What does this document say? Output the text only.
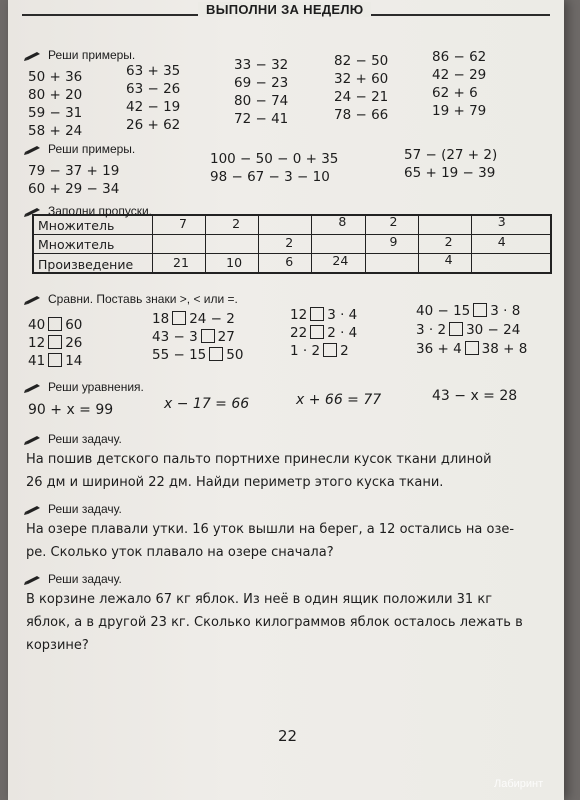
ВЫПОЛНИ ЗА НЕДЕЛЮ
Реши примеры.
50 + 36
80 + 20
59 − 31
58 + 24
63 + 35
63 − 26
42 − 19
26 + 62
33 − 32
69 − 23
80 − 74
72 − 41
82 − 50
32 + 60
24 − 21
78 − 66
86 − 62
42 − 29
62 + 6
19 + 79
Реши примеры.
79 − 37 + 19
60 + 29 − 34
100 − 50 − 0 + 35
98 − 67 − 3 − 10
57 − (27 + 2)
65 + 19 − 39
Заполни пропуски.
Множитель	7	2		8	2		3

Множитель			2		9	2	4

Произведение	21	10	6	24		4	

Сравни. Поставь знаки >, < или =.
40 60
12 26
41 14
18 24 − 2
43 − 3 27
55 − 15 50
12 3 · 4
22 2 · 4
1 · 2 2
40 − 15 3 · 8
3 · 2 30 − 24
36 + 4 38 + 8
Реши уравнения.
90 + x = 99	x − 17 = 66	x + 66 = 77	43 − x = 28
Реши задачу.
На пошив детского пальто портнихе принесли кусок ткани длиной
26 дм и шириной 22 дм. Найди периметр этого куска ткани.
Реши задачу.
На озере плавали утки. 16 уток вышли на берег, а 12 остались на озе-
ре. Сколько уток плавало на озере сначала?
Реши задачу.
В корзине лежало 67 кг яблок. Из неё в один ящик положили 31 кг
яблок, а в другой 23 кг. Сколько килограммов яблок осталось лежать в
корзине?
22
Лабиринт
